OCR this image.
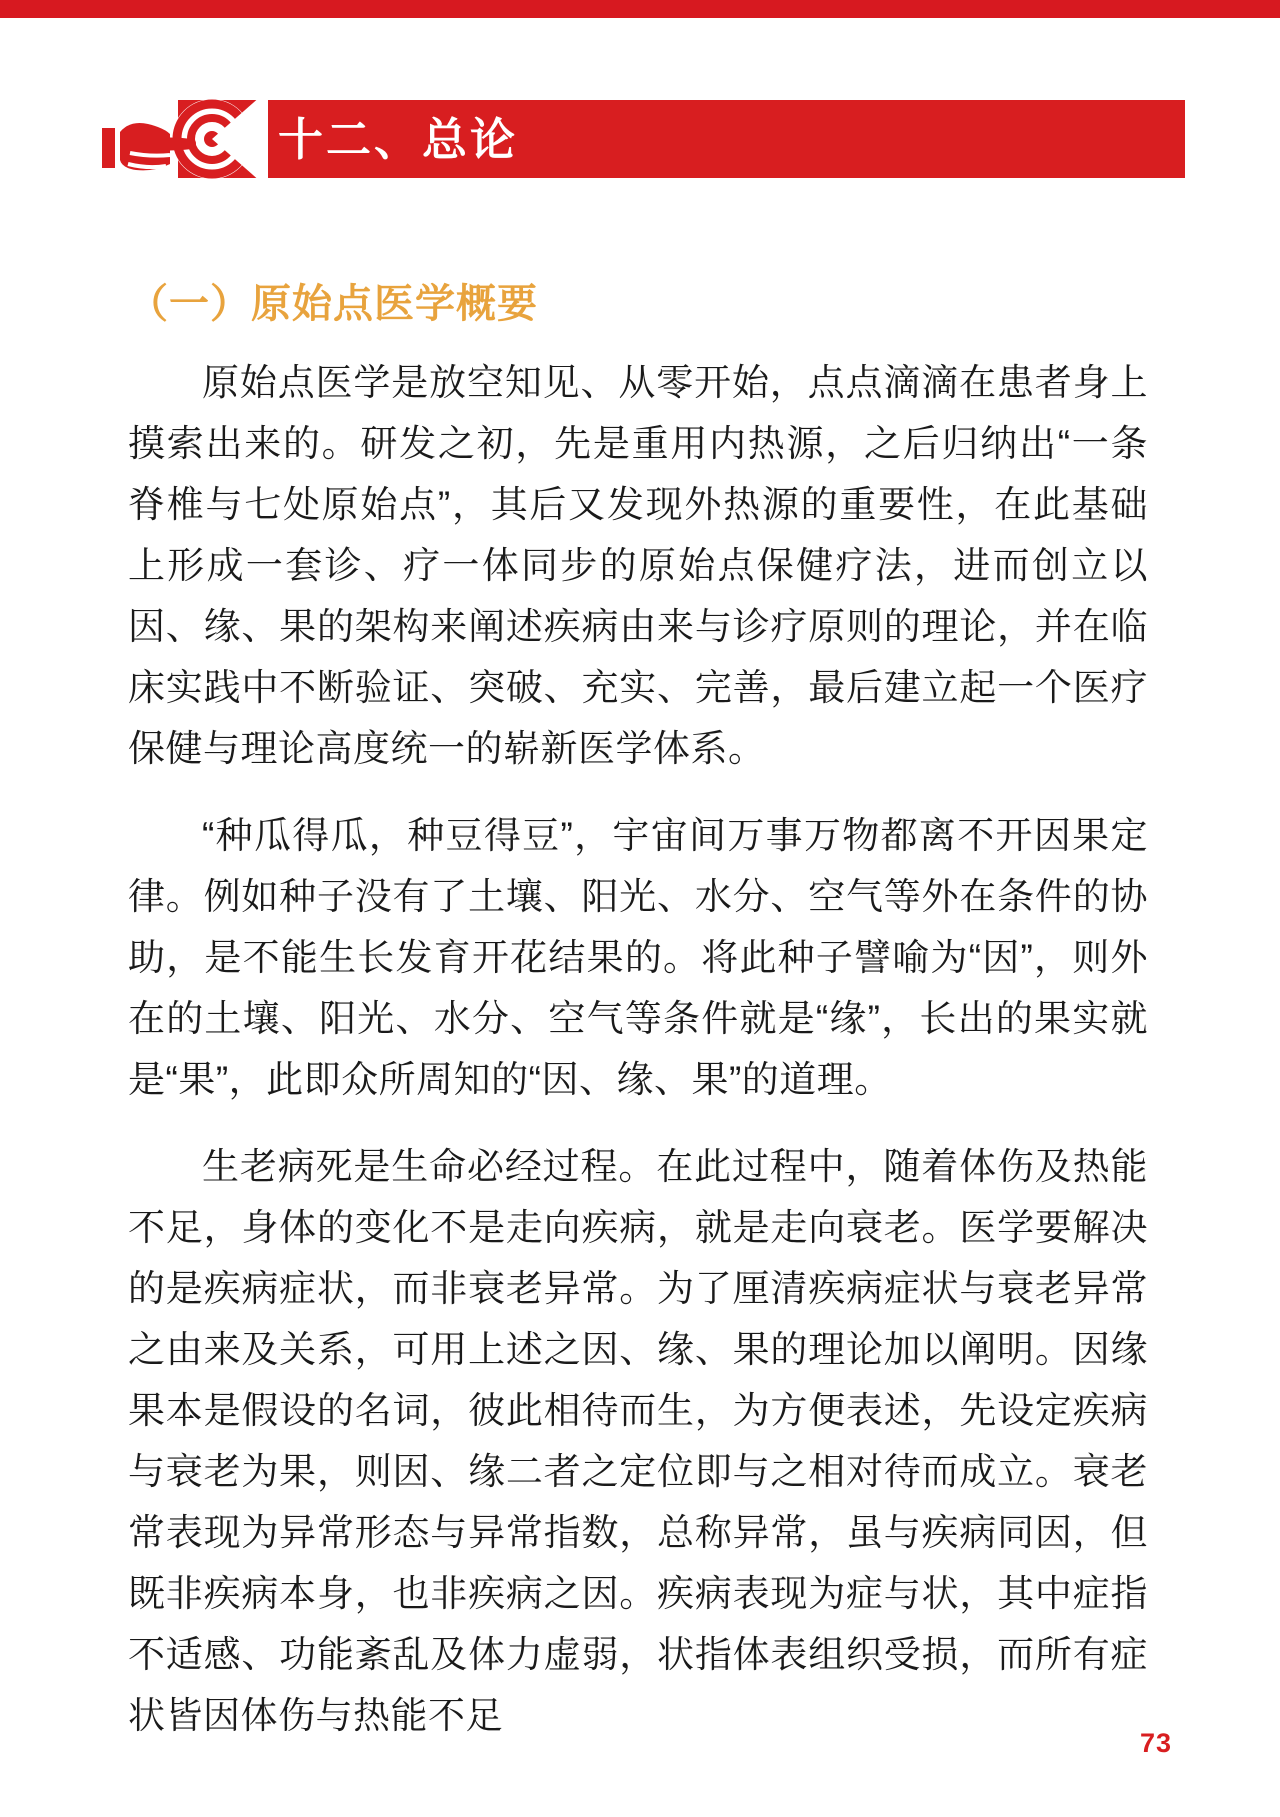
十二、总论
（一）原始点医学概要

原始点医学是放空知见、从零开始，点点滴滴在患者身上摸索出来的。研发之初，先是重用内热源，之后归纳出“一条脊椎与七处原始点”，其后又发现外热源的重要性，在此基础上形成一套诊、疗一体同步的原始点保健疗法，进而创立以因、缘、果的架构来阐述疾病由来与诊疗原则的理论，并在临床实践中不断验证、突破、充实、完善，最后建立起一个医疗保健与理论高度统一的崭新医学体系。

“种瓜得瓜，种豆得豆”，宇宙间万事万物都离不开因果定律。例如种子没有了土壤、阳光、水分、空气等外在条件的协助，是不能生长发育开花结果的。将此种子譬喻为“因”，则外在的土壤、阳光、水分、空气等条件就是“缘”，长出的果实就是“果”，此即众所周知的“因、缘、果”的道理。

生老病死是生命必经过程。在此过程中，随着体伤及热能不足，身体的变化不是走向疾病，就是走向衰老。医学要解决的是疾病症状，而非衰老异常。为了厘清疾病症状与衰老异常之由来及关系，可用上述之因、缘、果的理论加以阐明。因缘果本是假设的名词，彼此相待而生，为方便表述，先设定疾病与衰老为果，则因、缘二者之定位即与之相对待而成立。衰老常表现为异常形态与异常指数，总称异常，虽与疾病同因，但既非疾病本身，也非疾病之因。疾病表现为症与状，其中症指不适感、功能紊乱及体力虚弱，状指体表组织受损，而所有症状皆因体伤与热能不足

73
